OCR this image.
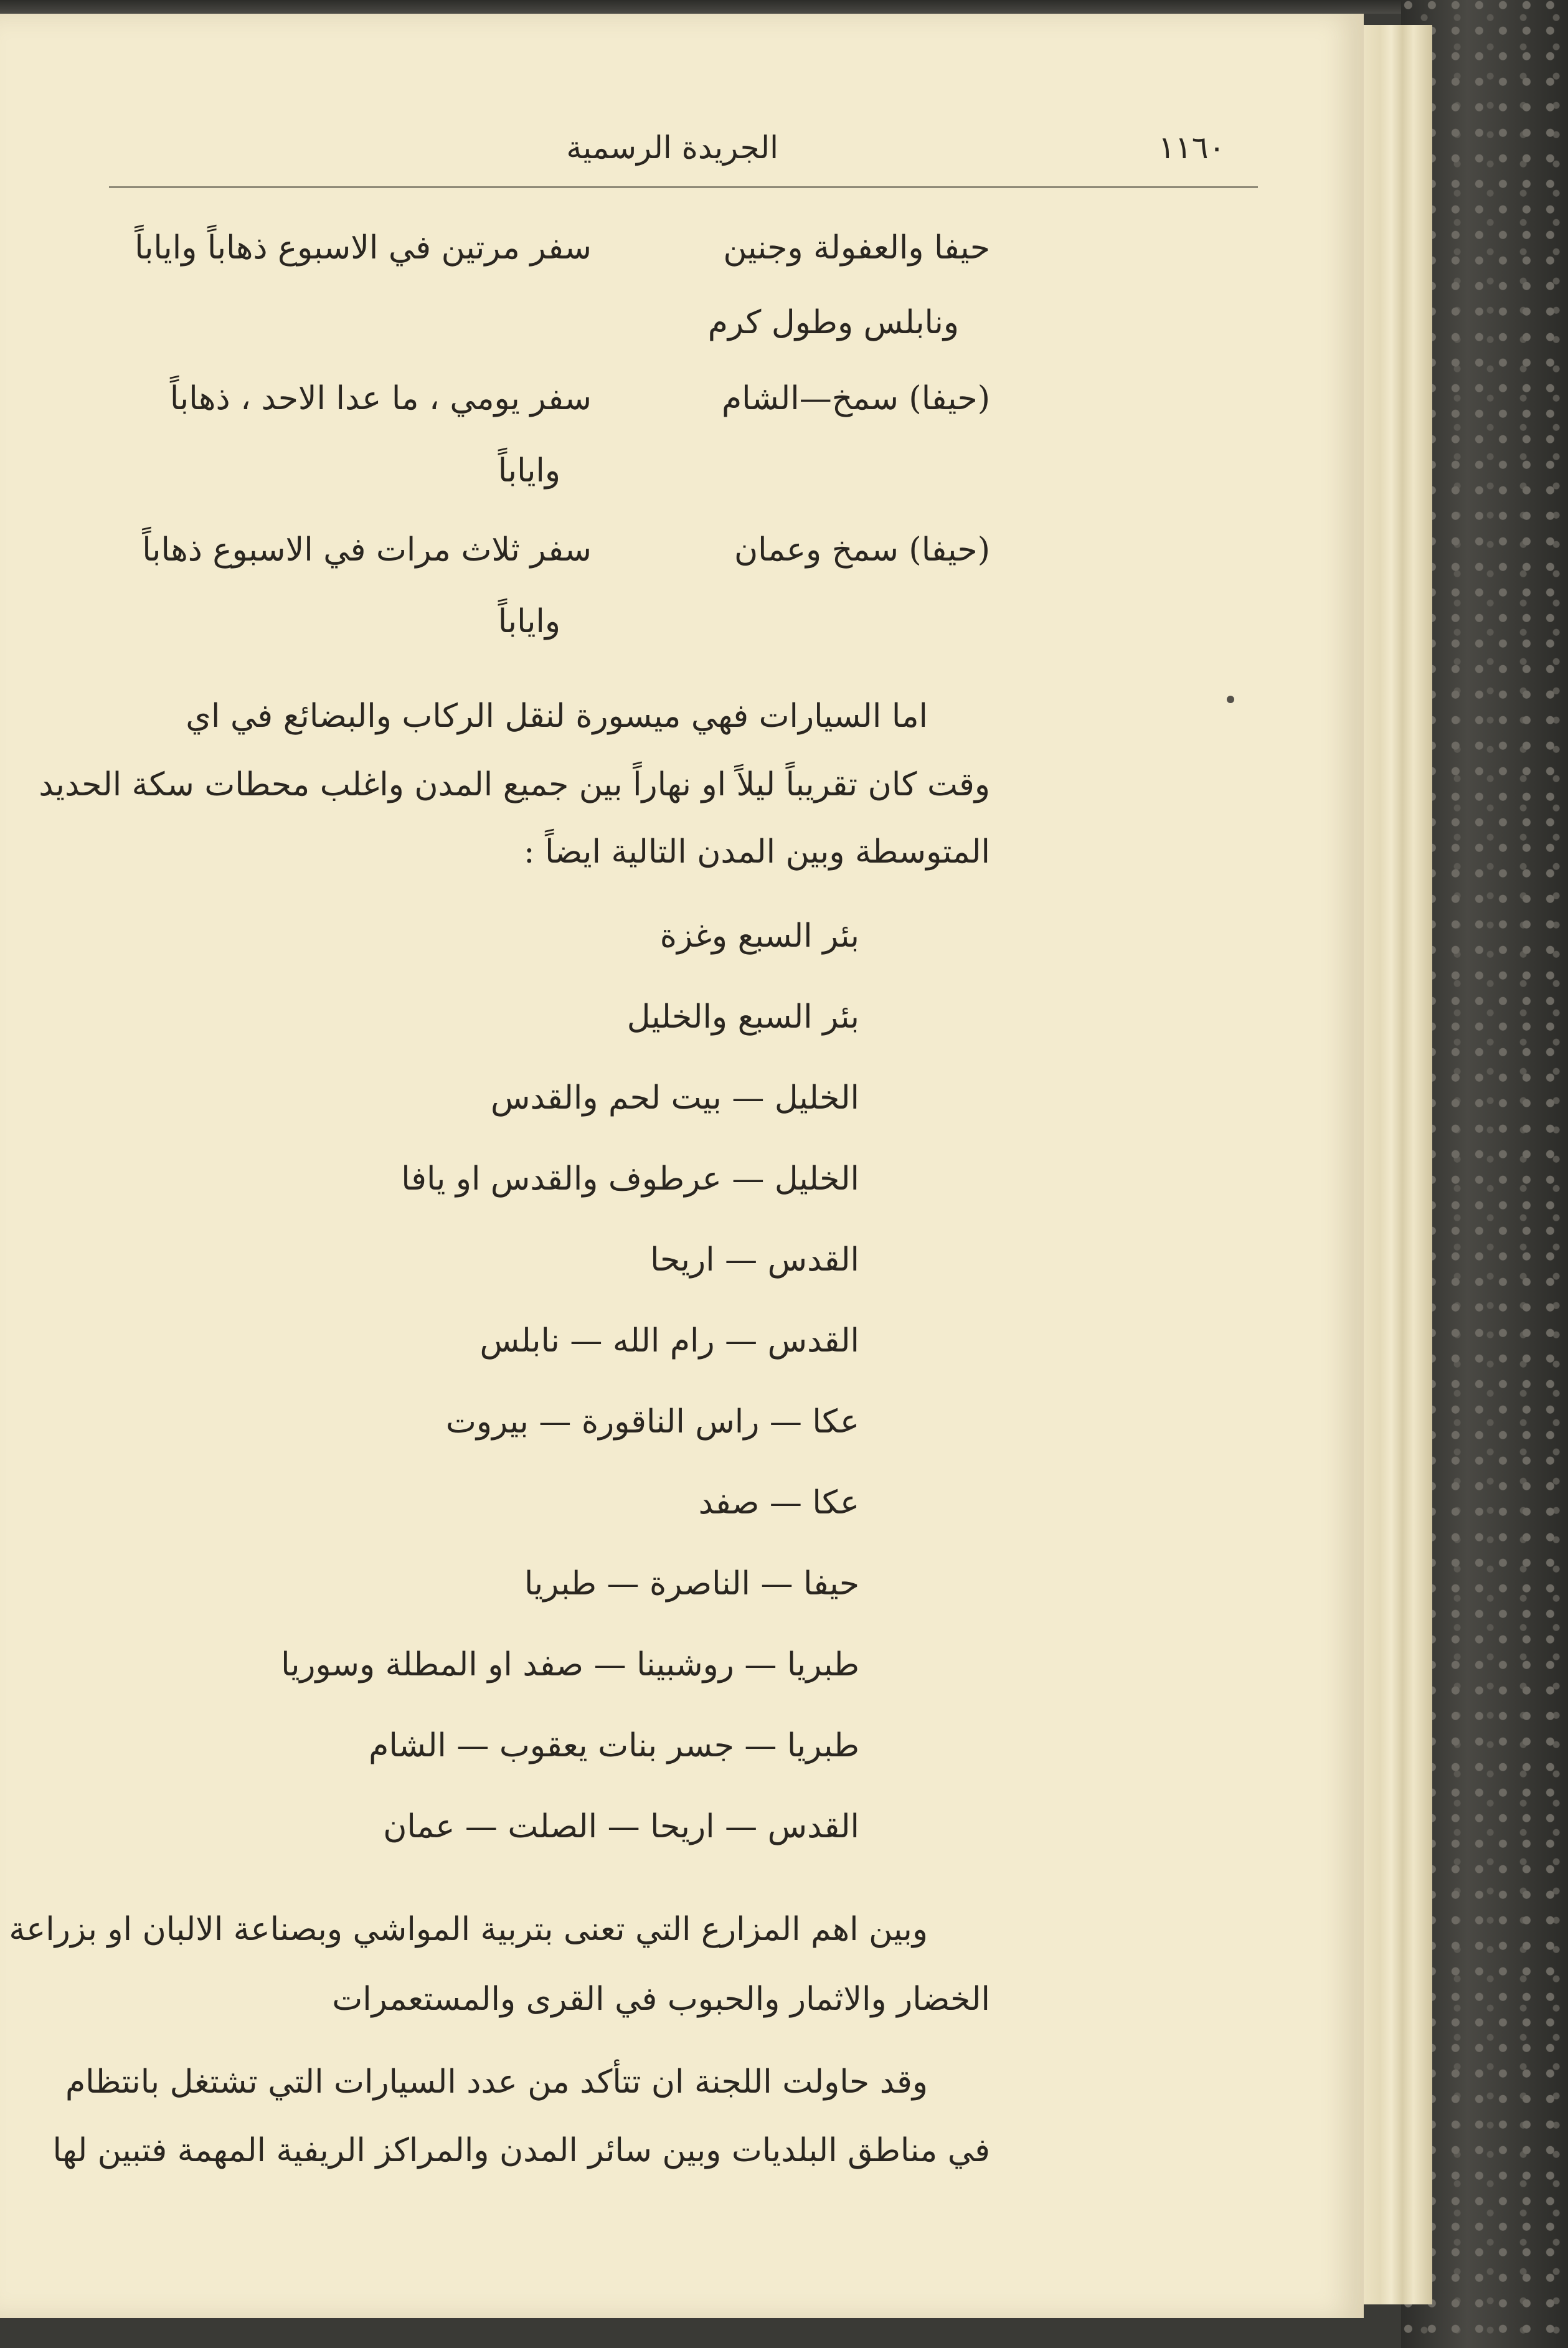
١١٦٠
الجريدة الرسمية
حيفا والعفولة وجنين
ونابلس وطول كرم
سفر مرتين في الاسبوع ذهاباً واياباً
(حيفا) سمخ—الشام
سفر يومي ، ما عدا الاحد ، ذهاباً
واياباً
(حيفا) سمخ وعمان
سفر ثلاث مرات في الاسبوع ذهاباً
واياباً
اما السيارات فهي ميسورة لنقل الركاب والبضائع في اي
وقت كان تقريباً ليلاً او نهاراً بين جميع المدن واغلب محطات سكة الحديد
المتوسطة وبين المدن التالية ايضاً :
بئر السبع وغزة
بئر السبع والخليل
الخليل — بيت لحم والقدس
الخليل — عرطوف والقدس او يافا
القدس — اريحا
القدس — رام الله — نابلس
عكا — راس الناقورة — بيروت
عكا — صفد
حيفا — الناصرة — طبريا
طبريا — روشبينا — صفد او المطلة وسوريا
طبريا — جسر بنات يعقوب — الشام
القدس — اريحا — الصلت — عمان
وبين اهم المزارع التي تعنى بتربية المواشي وبصناعة الالبان او بزراعة
الخضار والاثمار والحبوب في القرى والمستعمرات
وقد حاولت اللجنة ان تتأكد من عدد السيارات التي تشتغل بانتظام
في مناطق البلديات وبين سائر المدن والمراكز الريفية المهمة فتبين لها
